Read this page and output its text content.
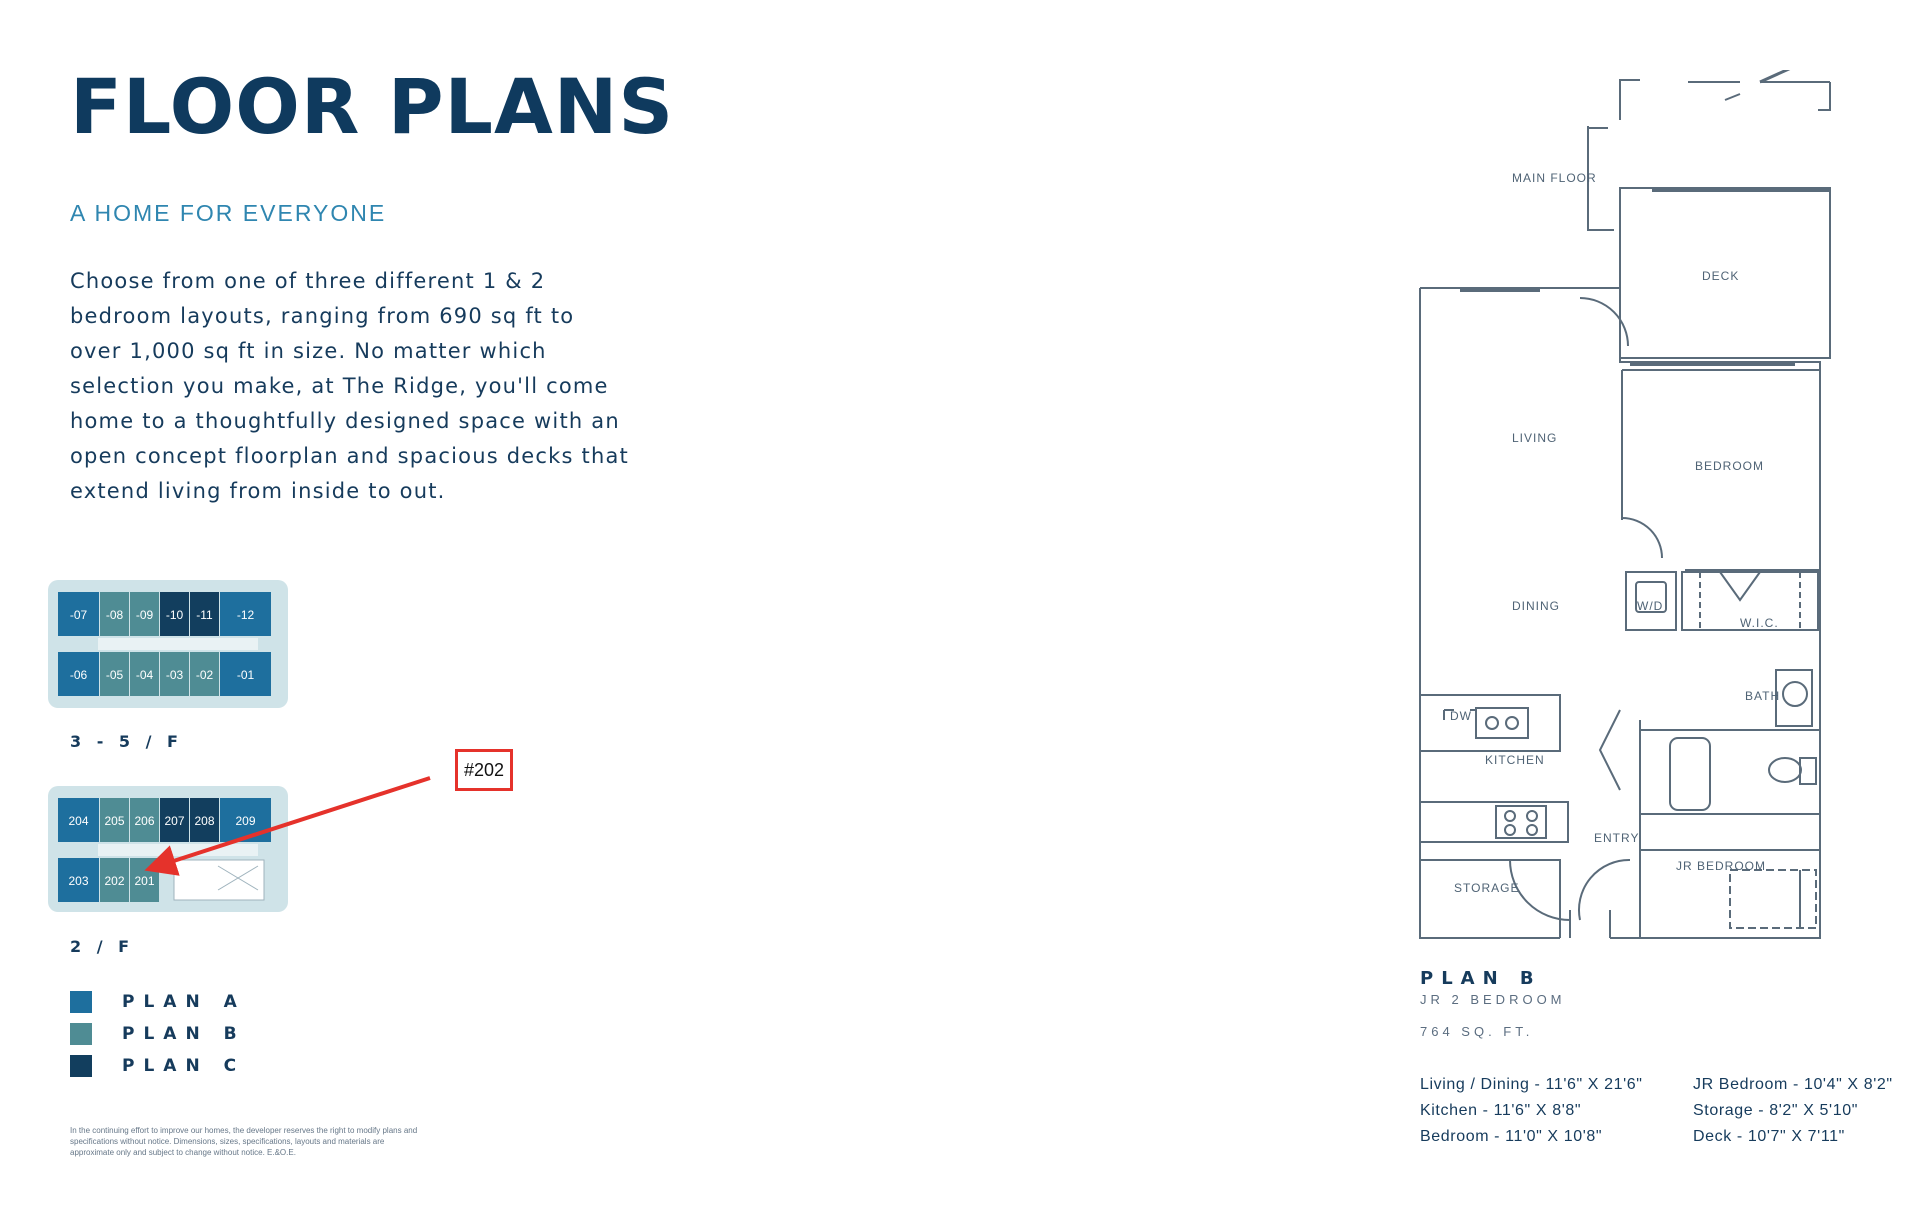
FLOOR PLANS
A HOME FOR EVERYONE
Choose from one of three different 1 & 2 bedroom layouts, ranging from 690 sq ft to over 1,000 sq ft in size. No matter which selection you make, at The Ridge, you'll come home to a thoughtfully designed space with an open concept floorplan and spacious decks that extend living from inside to out.
-07 -08 -09 -10 -11 -12
-06 -05 -04 -03 -02 -01
3 - 5 / F
204 205 206 207 208 209
203 202 201
2 / F
#202
PLAN A
PLAN B
PLAN C
In the continuing effort to improve our homes, the developer reserves the right to modify plans and specifications without notice. Dimensions, sizes, specifications, layouts and materials are approximate only and subject to change without notice. E.&O.E.
MAIN FLOOR
DECK
LIVING
BEDROOM
DINING	W/D
W.I.C.
BATH
DW
KITCHEN
ENTRY
STORAGE
JR BEDROOM
PLAN B
JR 2 BEDROOM
764 SQ. FT.
Living / Dining - 11'6" X 21'6"
Kitchen - 11'6" X 8'8"
Bedroom - 11'0" X 10'8"
JR Bedroom - 10'4" X 8'2"
Storage - 8'2" X 5'10"
Deck - 10'7" X 7'11"
